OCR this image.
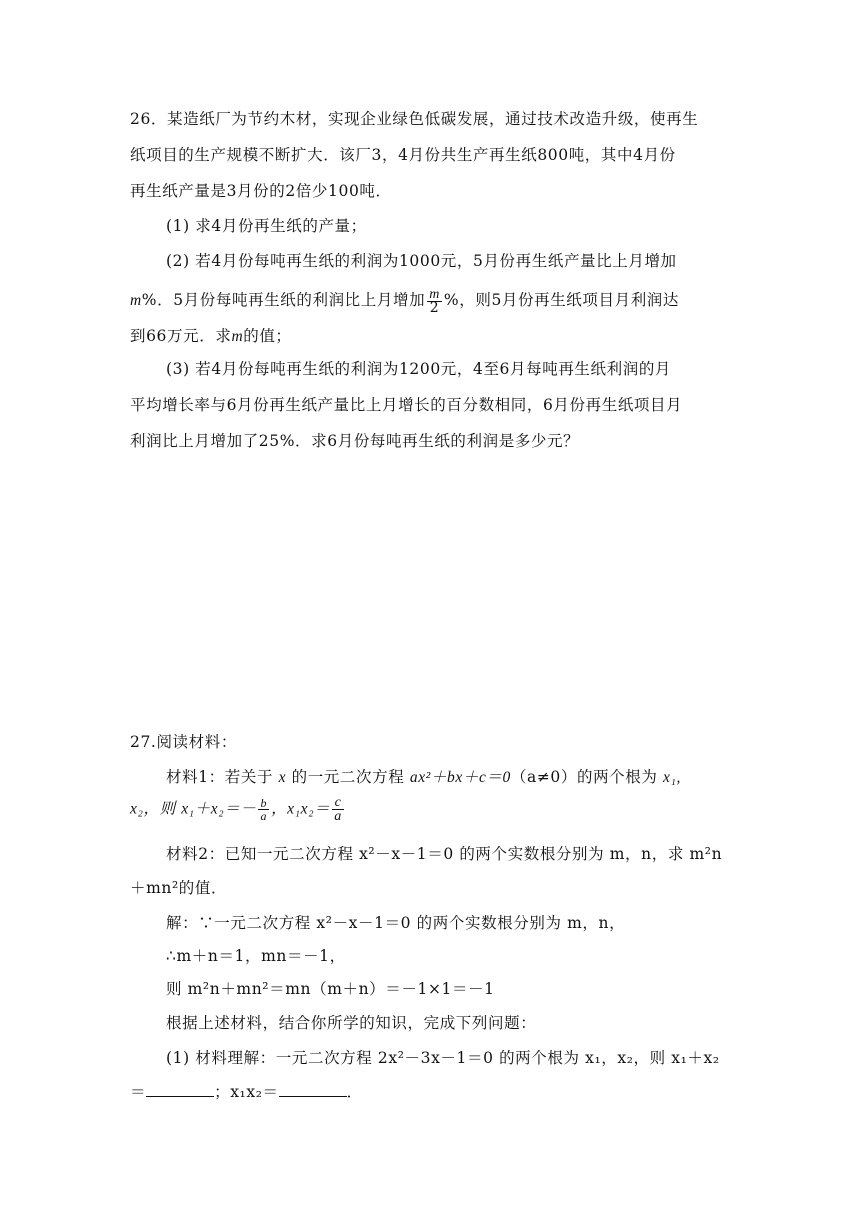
26．某造纸厂为节约木材，实现企业绿色低碳发展，通过技术改造升级，使再生
纸项目的生产规模不断扩大．该厂3，4月份共生产再生纸800吨，其中4月份
再生纸产量是3月份的2倍少100吨．
(1) 求4月份再生纸的产量；
(2) 若4月份每吨再生纸的利润为1000元，5月份再生纸产量比上月增加
m%．5月份每吨再生纸的利润比上月增加 $\frac{m}{2}$ %，则5月份再生纸项目月利润达
到66万元．求m的值；
(3) 若4月份每吨再生纸的利润为1200元，4至6月每吨再生纸利润的月
平均增长率与6月份再生纸产量比上月增长的百分数相同，6月份再生纸项目月
利润比上月增加了25%．求6月份每吨再生纸的利润是多少元？
27.阅读材料：
材料1：若关于 x 的一元二次方程 ax²＋bx＋c＝0（a≠0）的两个根为 x₁,
x₂，则 $x_1+x_2=- \frac{b}{a}$ ，$x_1x_2= \frac{c}{a}$
材料2：已知一元二次方程 x²－x－1＝0 的两个实数根分别为 m，n，求 m²n
＋mn²的值．
解：∵一元二次方程 x²－x－1＝0 的两个实数根分别为 m，n，
∴m＋n＝1，mn＝－1，
则 m²n＋mn²＝mn（m＋n）＝－1×1＝－1
根据上述材料，结合你所学的知识，完成下列问题：
(1) 材料理解：一元二次方程 2x²－3x－1＝0 的两个根为 x₁，x₂，则 x₁＋x₂
＝	；x₁x₂＝	．
